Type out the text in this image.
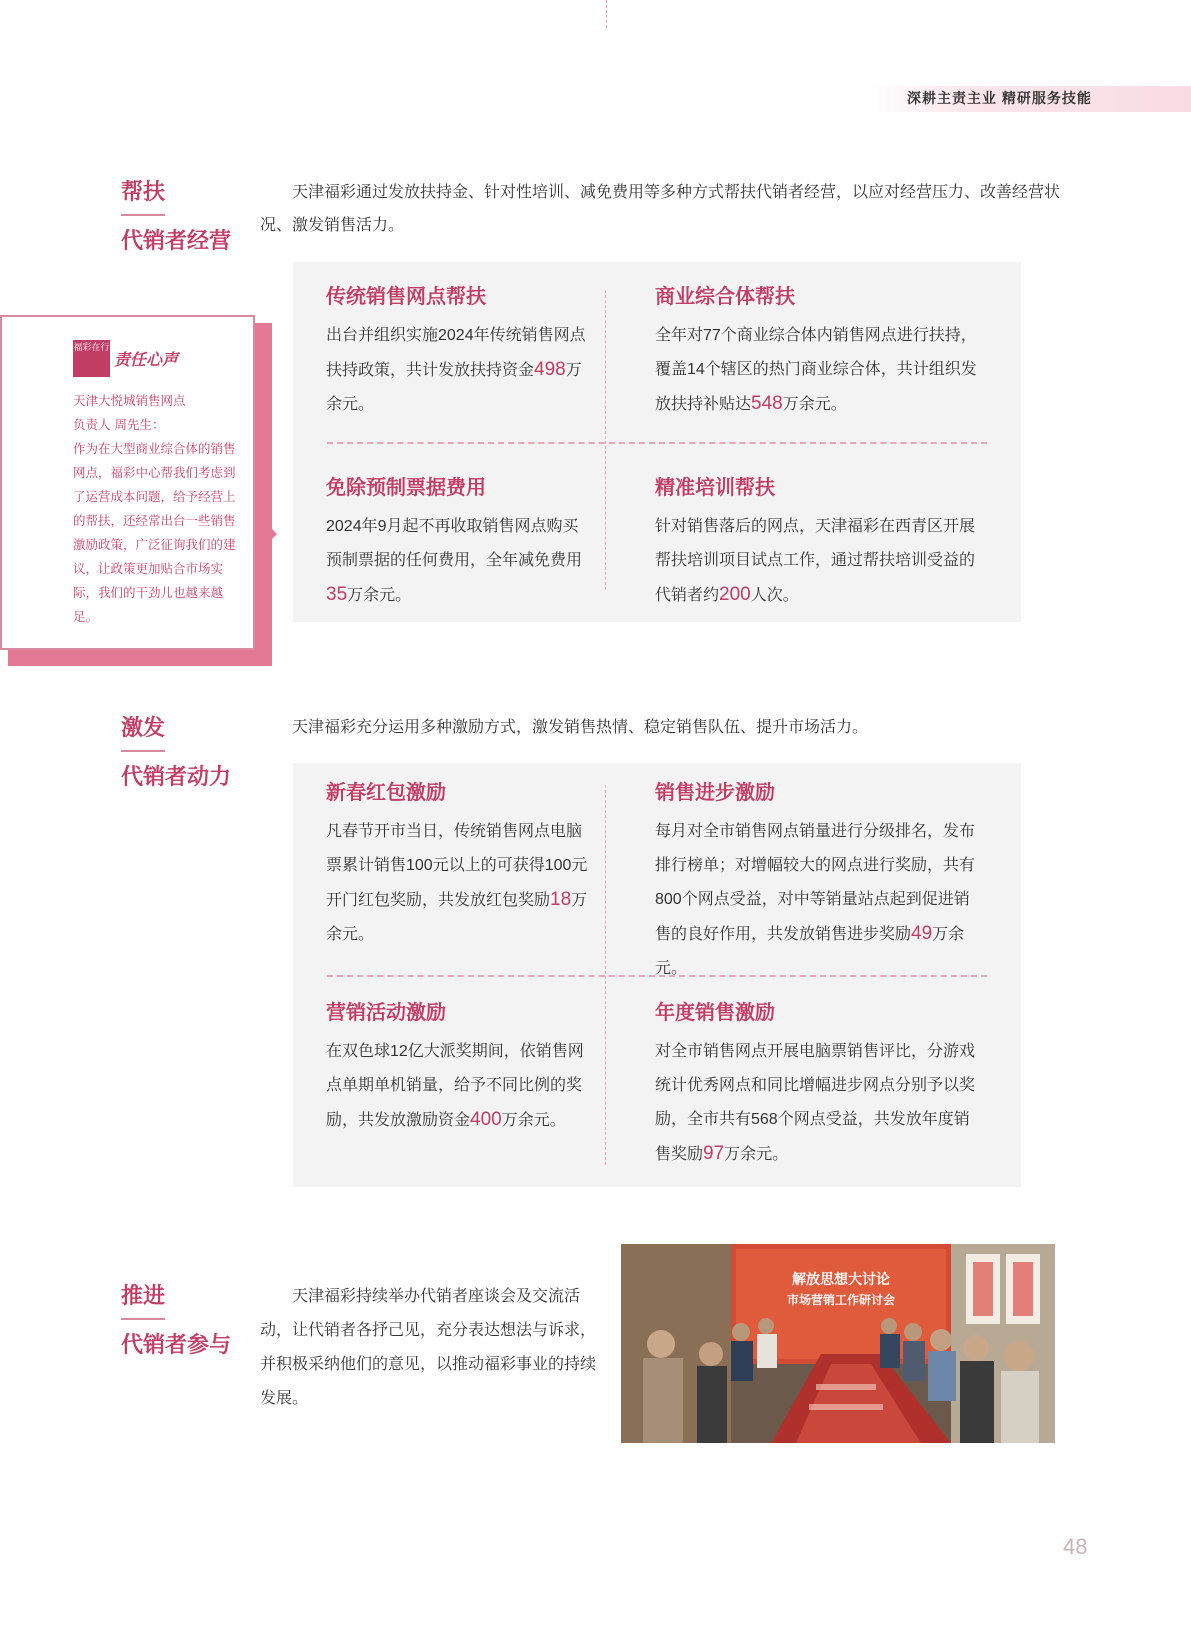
深耕主责主业 精研服务技能
帮扶
代销者经营
天津福彩通过发放扶持金、针对性培训、减免费用等多种方式帮扶代销者经营，以应对经营压力、改善经营状况、激发销售活力。
传统销售网点帮扶
出台并组织实施2024年传统销售网点扶持政策，共计发放扶持资金498万余元。
商业综合体帮扶
全年对77个商业综合体内销售网点进行扶持，覆盖14个辖区的热门商业综合体，共计组织发放扶持补贴达548万余元。
免除预制票据费用
2024年9月起不再收取销售网点购买预制票据的任何费用，全年减免费用35万余元。
精准培训帮扶
针对销售落后的网点，天津福彩在西青区开展帮扶培训项目试点工作，通过帮扶培训受益的代销者约200人次。
福彩在行责任心声
天津大悦城销售网点
负责人 周先生：
作为在大型商业综合体的销售网点，福彩中心帮我们考虑到了运营成本问题，给予经营上的帮扶，还经常出台一些销售激励政策，广泛征询我们的建议，让政策更加贴合市场实际，我们的干劲儿也越来越足。
激发
代销者动力
天津福彩充分运用多种激励方式，激发销售热情、稳定销售队伍、提升市场活力。
新春红包激励
凡春节开市当日，传统销售网点电脑票累计销售100元以上的可获得100元开门红包奖励，共发放红包奖励18万余元。
销售进步激励
每月对全市销售网点销量进行分级排名，发布排行榜单；对增幅较大的网点进行奖励，共有800个网点受益，对中等销量站点起到促进销售的良好作用，共发放销售进步奖励49万余元。
营销活动激励
在双色球12亿大派奖期间，依销售网点单期单机销量，给予不同比例的奖励，共发放激励资金400万余元。
年度销售激励
对全市销售网点开展电脑票销售评比，分游戏统计优秀网点和同比增幅进步网点分别予以奖励，全市共有568个网点受益，共发放年度销售奖励97万余元。
推进
代销者参与
天津福彩持续举办代销者座谈会及交流活动，让代销者各抒己见，充分表达想法与诉求，并积极采纳他们的意见，以推动福彩事业的持续发展。
解放思想大讨论
市场营销工作研讨会
48
